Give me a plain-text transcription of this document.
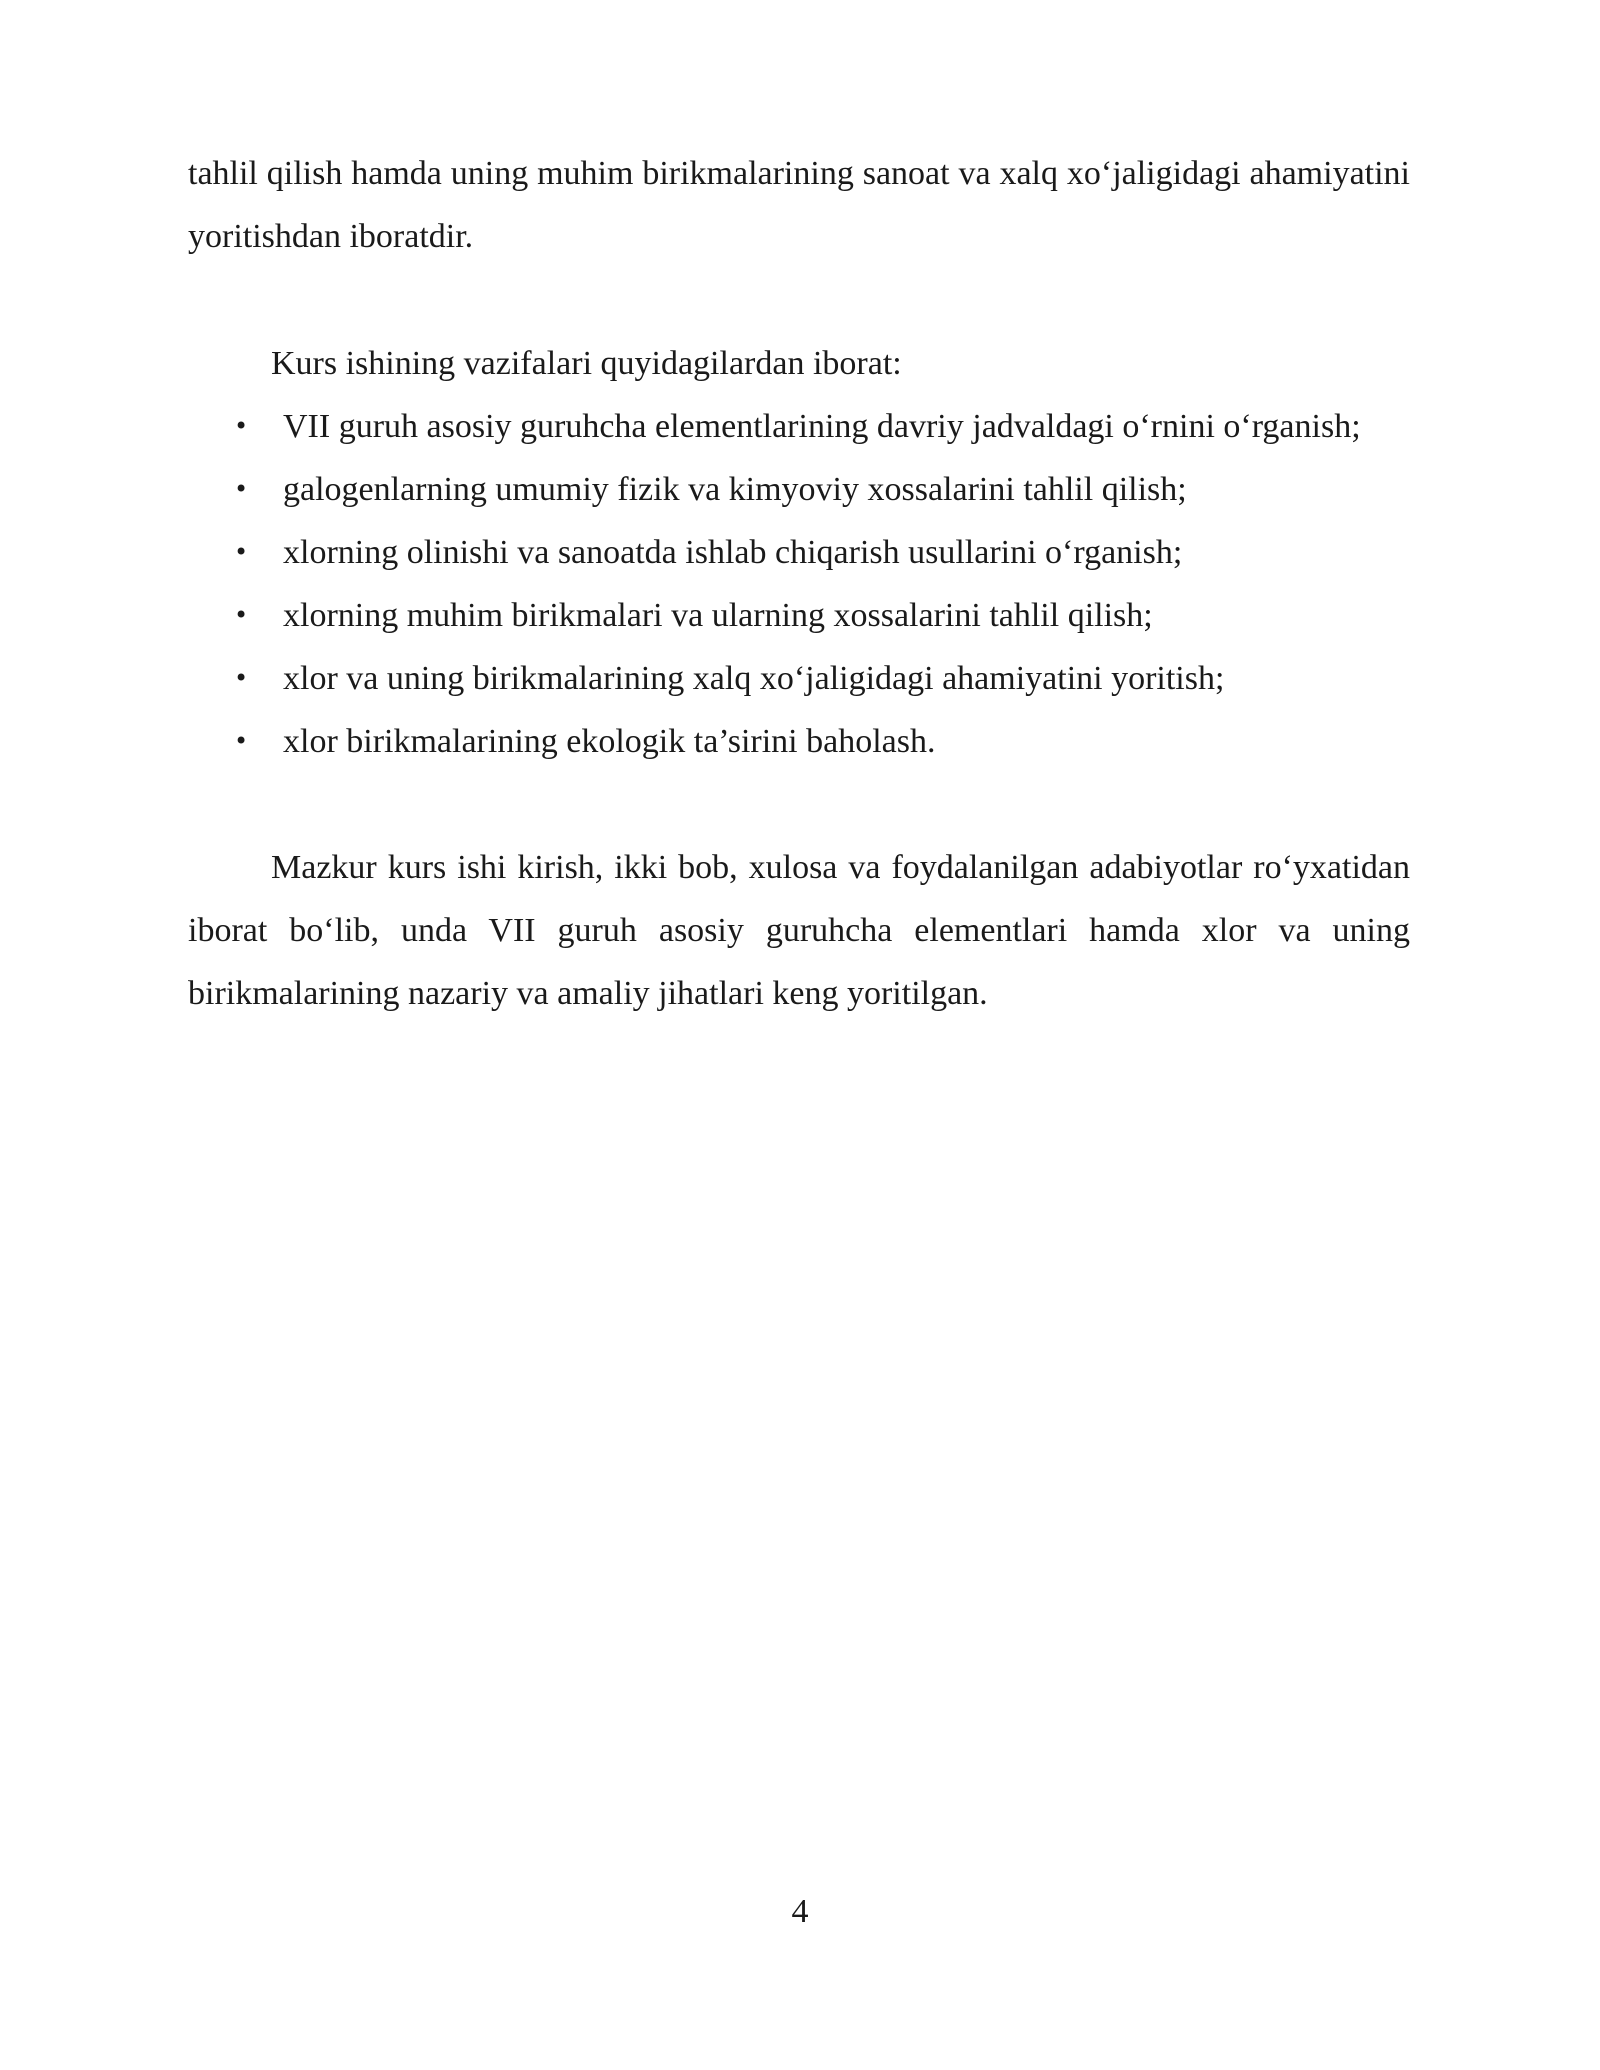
tahlil qilish hamda uning muhim birikmalarining sanoat va xalq xo‘jaligidagi ahamiyatini yoritishdan iboratdir.

Kurs ishining vazifalari quyidagilardan iborat:

• VII guruh asosiy guruhcha elementlarining davriy jadvaldagi o‘rnini o‘rganish;
• galogenlarning umumiy fizik va kimyoviy xossalarini tahlil qilish;
• xlorning olinishi va sanoatda ishlab chiqarish usullarini o‘rganish;
• xlorning muhim birikmalari va ularning xossalarini tahlil qilish;
• xlor va uning birikmalarining xalq xo‘jaligidagi ahamiyatini yoritish;
• xlor birikmalarining ekologik ta’sirini baholash.

Mazkur kurs ishi kirish, ikki bob, xulosa va foydalanilgan adabiyotlar ro‘yxatidan iborat bo‘lib, unda VII guruh asosiy guruhcha elementlari hamda xlor va uning birikmalarining nazariy va amaliy jihatlari keng yoritilgan.

4
